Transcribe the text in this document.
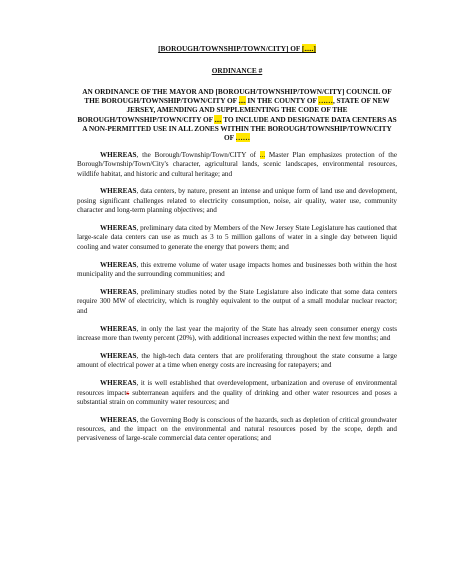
[BOROUGH/TOWNSHIP/TOWN/CITY] OF [.....]
ORDINANCE #
AN ORDINANCE OF THE MAYOR AND [BOROUGH/TOWNSHIP/TOWN/CITY] COUNCIL OF THE BOROUGH/TOWNSHIP/TOWN/CITY OF .... IN THE COUNTY OF ……, STATE OF NEW JERSEY, AMENDING AND SUPPLEMENTING THE CODE OF THE BOROUGH/TOWNSHIP/TOWN/CITY OF .... TO INCLUDE AND DESIGNATE DATA CENTERS AS A NON-PERMITTED USE IN ALL ZONES WITHIN THE BOROUGH/TOWNSHIP/TOWN/CITY OF ……
WHEREAS, the Borough/Township/Town/CITY of ... Master Plan emphasizes protection of the Borough/Township/Town/City's character, agricultural lands, scenic landscapes, environmental resources, wildlife habitat, and historic and cultural heritage; and
WHEREAS, data centers, by nature, present an intense and unique form of land use and development, posing significant challenges related to electricity consumption, noise, air quality, water use, community character and long-term planning objectives; and
WHEREAS, preliminary data cited by Members of the New Jersey State Legislature has cautioned that large-scale data centers can use as much as 3 to 5 million gallons of water in a single day between liquid cooling and water consumed to generate the energy that powers them; and
WHEREAS, this extreme volume of water usage impacts homes and businesses both within the host municipality and the surrounding communities; and
WHEREAS, preliminary studies noted by the State Legislature also indicate that some data centers require 300 MW of electricity, which is roughly equivalent to the output of a small modular nuclear reactor; and
WHEREAS, in only the last year the majority of the State has already seen consumer energy costs increase more than twenty percent (20%), with additional increases expected within the next few months; and
WHEREAS, the high-tech data centers that are proliferating throughout the state consume a large amount of electrical power at a time when energy costs are increasing for ratepayers; and
WHEREAS, it is well established that overdevelopment, urbanization and overuse of environmental resources impacts subterranean aquifers and the quality of drinking and other water resources and poses a substantial strain on community water resources; and
WHEREAS, the Governing Body is conscious of the hazards, such as depletion of critical groundwater resources, and the impact on the environmental and natural resources posed by the scope, depth and pervasiveness of large-scale commercial data center operations; and
